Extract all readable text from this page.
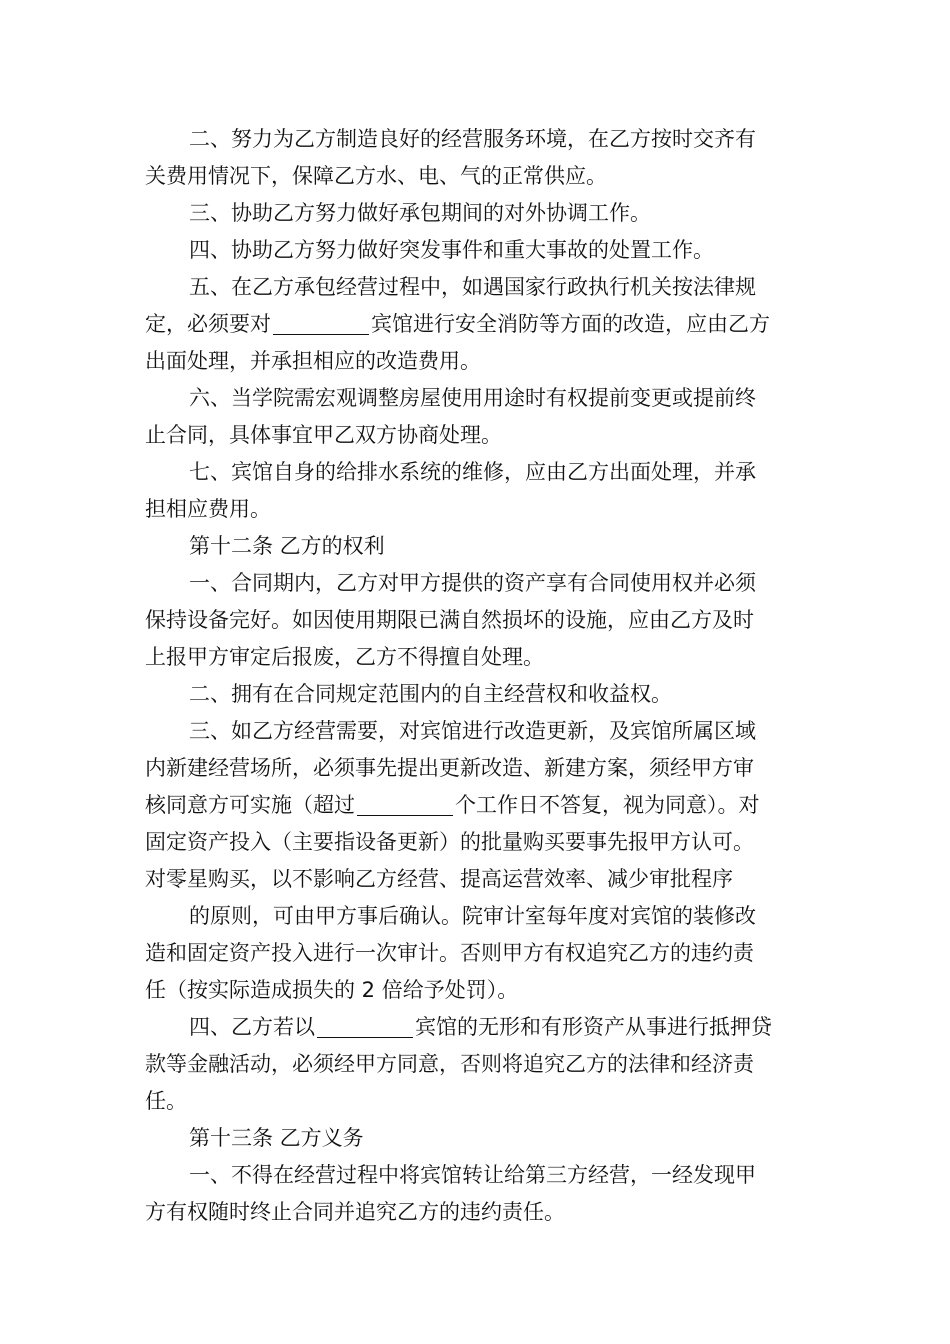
二、努力为乙方制造良好的经营服务环境，在乙方按时交齐有
关费用情况下，保障乙方水、电、气的正常供应。
三、协助乙方努力做好承包期间的对外协调工作。
四、协助乙方努力做好突发事件和重大事故的处置工作。
五、在乙方承包经营过程中，如遇国家行政执行机关按法律规
定，必须要对	宾馆进行安全消防等方面的改造，应由乙方
出面处理，并承担相应的改造费用。
六、当学院需宏观调整房屋使用用途时有权提前变更或提前终
止合同，具体事宜甲乙双方协商处理。
七、宾馆自身的给排水系统的维修，应由乙方出面处理，并承
担相应费用。
第十二条 乙方的权利
一、合同期内，乙方对甲方提供的资产享有合同使用权并必须
保持设备完好。如因使用期限已满自然损坏的设施，应由乙方及时
上报甲方审定后报废，乙方不得擅自处理。
二、拥有在合同规定范围内的自主经营权和收益权。
三、如乙方经营需要，对宾馆进行改造更新，及宾馆所属区域
内新建经营场所，必须事先提出更新改造、新建方案，须经甲方审
核同意方可实施（超过	个工作日不答复，视为同意）。对
固定资产投入（主要指设备更新）的批量购买要事先报甲方认可。
对零星购买，以不影响乙方经营、提高运营效率、减少审批程序
的原则，可由甲方事后确认。院审计室每年度对宾馆的装修改
造和固定资产投入进行一次审计。否则甲方有权追究乙方的违约责
任（按实际造成损失的 2 倍给予处罚）。
四、乙方若以	宾馆的无形和有形资产从事进行抵押贷
款等金融活动，必须经甲方同意，否则将追究乙方的法律和经济责
任。
第十三条 乙方义务
一、不得在经营过程中将宾馆转让给第三方经营，一经发现甲
方有权随时终止合同并追究乙方的违约责任。
